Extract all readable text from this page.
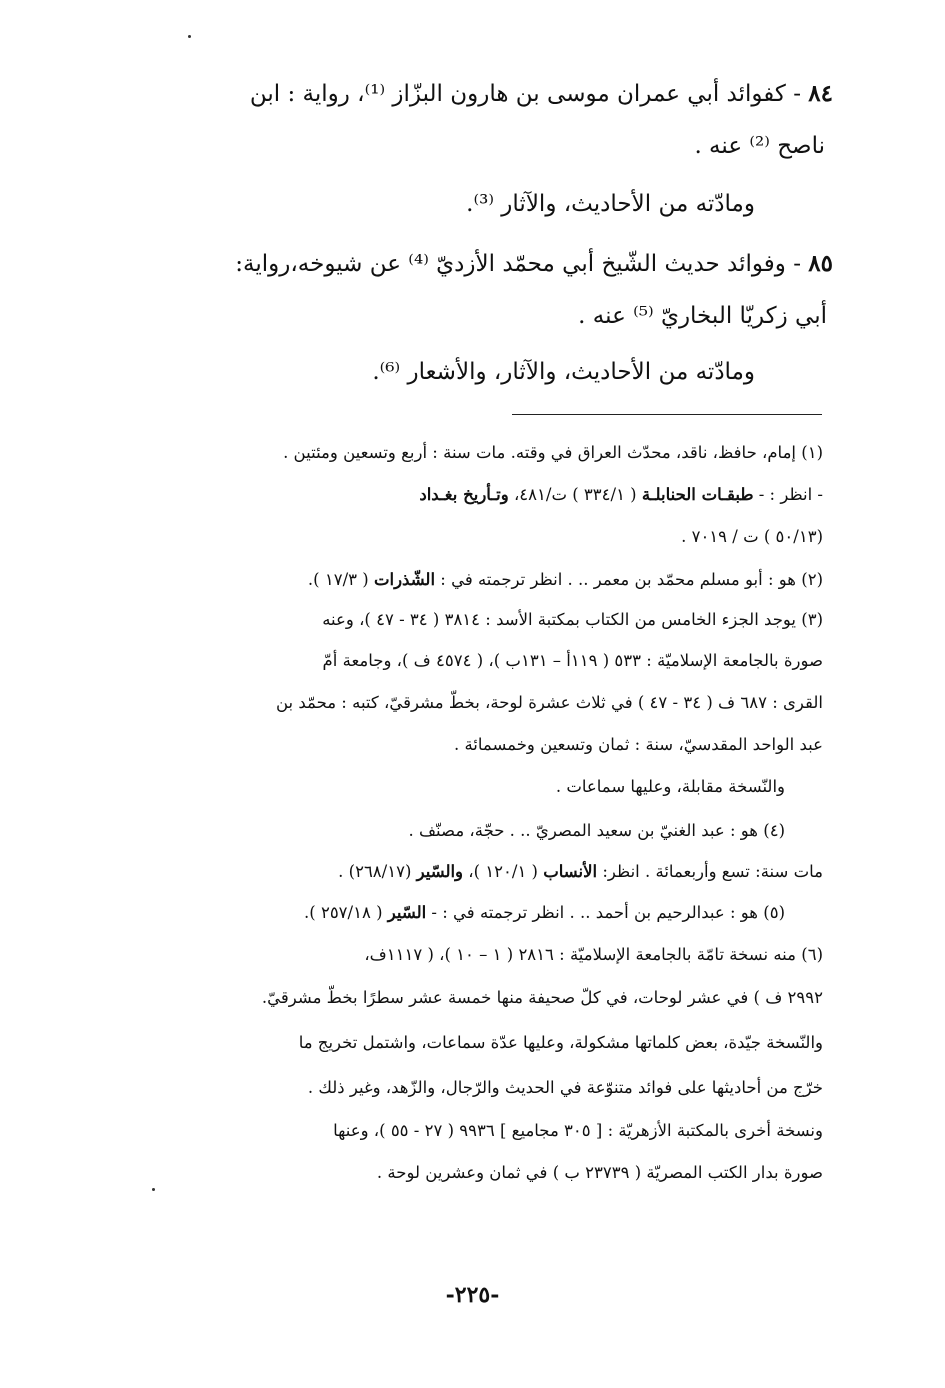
٨٤ - كفوائد أبي عمران موسى بن هارون البزّاز ⁽¹⁾، رواية : ابن
ناصح ⁽²⁾ عنه .
ومادّته من الأحاديث، والآثار ⁽³⁾.
٨٥ - وفوائد حديث الشّيخ أبي محمّد الأزديّ ⁽⁴⁾ عن شيوخه،رواية:
أبي زكريّا البخاريّ ⁽⁵⁾ عنه .
ومادّته من الأحاديث، والآثار، والأشعار ⁽⁶⁾.
(١) إمام، حافظ، ناقد، محدّث العراق في وقته. مات سنة : أربع وتسعين ومئتين .
- انظر : - طبقـات الحنابلـة ( ٣٣٤/١ ) ت/٤٨١، وتـأريخ بغـداد
(٥٠/١٣ ) ت / ٧٠١٩ .
(٢) هو : أبو مسلم محمّد بن معمر .. . انظر ترجمته في : الشّذرات ( ١٧/٣ ).
(٣) يوجد الجزء الخامس من الكتاب بمكتبة الأسد : ٣٨١٤ ( ٣٤ - ٤٧ )، وعنه
صورة بالجامعة الإسلاميّة : ٥٣٣ ( ١١٩أ – ١٣١ب )، ( ٤٥٧٤ ف )، وجامعة أمّ
القرى : ٦٨٧ ف ( ٣٤ - ٤٧ ) في ثلاث عشرة لوحة، بخطّ مشرقيّ، كتبه : محمّد بن
عبد الواحد المقدسيّ، سنة : ثمان وتسعين وخمسمائة .
والنّسخة مقابلة، وعليها سماعات .
(٤) هو : عبد الغنيّ بن سعيد المصريّ .. . حجّة، مصنّف .
مات سنة: تسع وأربعمائة . انظر: الأنساب ( ١٢٠/١ )، والسّير (٢٦٨/١٧) .
(٥) هو : عبدالرحيم بن أحمد .. . انظر ترجمته في : - السّير ( ٢٥٧/١٨ ).
(٦) منه نسخة تامّة بالجامعة الإسلاميّة : ٢٨١٦ ( ١ – ١٠ )، ( ١١١٧ف،
٢٩٩٢ ف ) في عشر لوحات، في كلّ صحيفة منها خمسة عشر سطرًا بخطّ مشرقيّ.
والنّسخة جيّدة، بعض كلماتها مشكولة، وعليها عدّة سماعات، واشتمل تخريج ما
خرّج من أحاديثها على فوائد متنوّعة في الحديث والرّجال، والزّهد، وغير ذلك .
ونسخة أخرى بالمكتبة الأزهريّة : [ ٣٠٥ مجاميع ] ٩٩٣٦ ( ٢٧ - ٥٥ )، وعنها
صورة بدار الكتب المصريّة ( ٢٣٧٣٩ ب ) في ثمان وعشرين لوحة .
-٢٢٥-
